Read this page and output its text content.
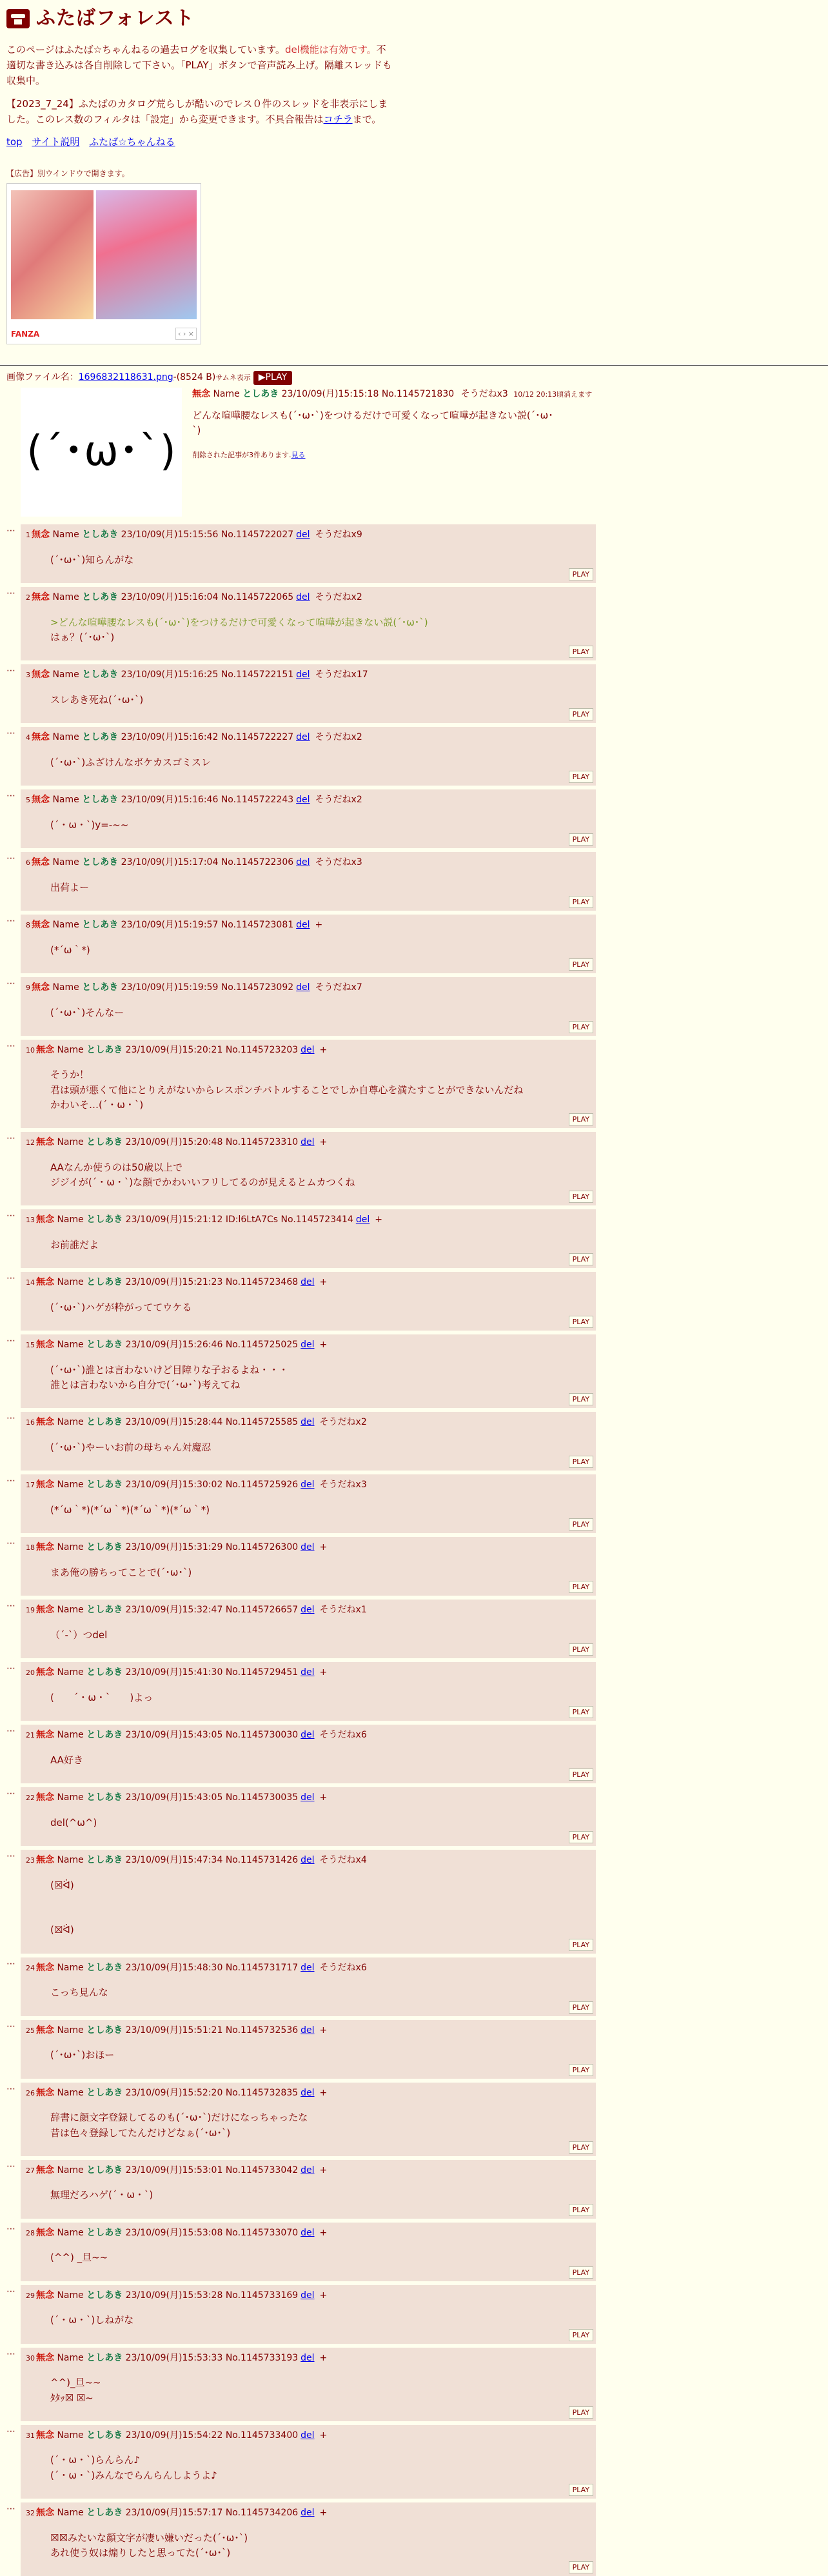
ふたばフォレスト
このページはふたば☆ちゃんねるの過去ログを収集しています。del機能は有効です。不適切な書き込みは各自削除して下さい。「PLAY」ボタンで音声読み上げ。隔離スレッドも収集中。
【2023_7_24】ふたばのカタログ荒らしが酷いのでレス０件のスレッドを非表示にしました。このレス数のフィルタは「設定」から変更できます。不具合報告はコチラまで。
top サイト説明 ふたば☆ちゃんねる
【広告】別ウインドウで開きます。
FANZA	‹ › ×
画像ファイル名：1696832118631.png-(8524 B)サムネ表示 ▶PLAY
(´･ω･`)
無念 Name としあき 23/10/09(月)15:15:18 No.1145721830 そうだねx3 10/12 20:13頃消えます
どんな喧嘩腰なレスも(´･ω･`)をつけるだけで可愛くなって喧嘩が起きない説(´･ω･`)
削除された記事が3件あります.見る
⋯	1 無念 Name としあき 23/10/09(月)15:15:56 No.1145722027 del そうだねx9
(´･ω･`)知らんがな
PLAY
⋯	2 無念 Name としあき 23/10/09(月)15:16:04 No.1145722065 del そうだねx2
>どんな喧嘩腰なレスも(´･ω･`)をつけるだけで可愛くなって喧嘩が起きない説(´･ω･`)
はぁ？(´･ω･`)
PLAY
⋯	3 無念 Name としあき 23/10/09(月)15:16:25 No.1145722151 del そうだねx17
スレあき死ね(´･ω･`)
PLAY
⋯	4 無念 Name としあき 23/10/09(月)15:16:42 No.1145722227 del そうだねx2
(´･ω･`)ふざけんなボケカスゴミスレ
PLAY
⋯	5 無念 Name としあき 23/10/09(月)15:16:46 No.1145722243 del そうだねx2
(´・ω・`)y=-~~
PLAY
⋯	6 無念 Name としあき 23/10/09(月)15:17:04 No.1145722306 del そうだねx3
出荷よー
PLAY
⋯	8 無念 Name としあき 23/10/09(月)15:19:57 No.1145723081 del +
(*´ω｀*)
PLAY
⋯	9 無念 Name としあき 23/10/09(月)15:19:59 No.1145723092 del そうだねx7
(´･ω･`)そんなー
PLAY
⋯	10 無念 Name としあき 23/10/09(月)15:20:21 No.1145723203 del +
そうか！
君は頭が悪くて他にとりえがないからレスポンチバトルすることでしか自尊心を満たすことができないんだね
かわいそ…(´・ω・`)
PLAY
⋯	12 無念 Name としあき 23/10/09(月)15:20:48 No.1145723310 del +
AAなんか使うのは50歳以上で
ジジイが(´・ω・`)な顔でかわいいフリしてるのが見えるとムカつくね
PLAY
⋯	13 無念 Name としあき 23/10/09(月)15:21:12 ID:l6LtA7Cs No.1145723414 del +
お前誰だよ
PLAY
⋯	14 無念 Name としあき 23/10/09(月)15:21:23 No.1145723468 del +
(´･ω･`)ハゲが粋がっててウケる
PLAY
⋯	15 無念 Name としあき 23/10/09(月)15:26:46 No.1145725025 del +
(´･ω･`)誰とは言わないけど目障りな子おるよね・・・
誰とは言わないから自分で(´･ω･`)考えてね
PLAY
⋯	16 無念 Name としあき 23/10/09(月)15:28:44 No.1145725585 del そうだねx2
(´･ω･`)やーいお前の母ちゃん対魔忍
PLAY
⋯	17 無念 Name としあき 23/10/09(月)15:30:02 No.1145725926 del そうだねx3
(*´ω｀*)(*´ω｀*)(*´ω｀*)(*´ω｀*)
PLAY
⋯	18 無念 Name としあき 23/10/09(月)15:31:29 No.1145726300 del +
まあ俺の勝ちってことで(´･ω･`)
PLAY
⋯	19 無念 Name としあき 23/10/09(月)15:32:47 No.1145726657 del そうだねx1
（´-`）つdel
PLAY
⋯	20 無念 Name としあき 23/10/09(月)15:41:30 No.1145729451 del +
(　　´・ω・`　　)よっ
PLAY
⋯	21 無念 Name としあき 23/10/09(月)15:43:05 No.1145730030 del そうだねx6
AA好き
PLAY
⋯	22 無念 Name としあき 23/10/09(月)15:43:05 No.1145730035 del +
del(^ω^)
PLAY
⋯	23 無念 Name としあき 23/10/09(月)15:47:34 No.1145731426 del そうだねx4
(☒ᐛ)

(☒ᐛ)
PLAY
⋯	24 無念 Name としあき 23/10/09(月)15:48:30 No.1145731717 del そうだねx6
こっち見んな
PLAY
⋯	25 無念 Name としあき 23/10/09(月)15:51:21 No.1145732536 del +
(´･ω･`)おほー
PLAY
⋯	26 無念 Name としあき 23/10/09(月)15:52:20 No.1145732835 del +
辞書に顔文字登録してるのも(´･ω･`)だけになっちゃったな
昔は色々登録してたんだけどなぁ(´･ω･`)
PLAY
⋯	27 無念 Name としあき 23/10/09(月)15:53:01 No.1145733042 del +
無理だろハゲ(´・ω・`)
PLAY
⋯	28 無念 Name としあき 23/10/09(月)15:53:08 No.1145733070 del +
(^^) _旦~~
PLAY
⋯	29 無念 Name としあき 23/10/09(月)15:53:28 No.1145733169 del +
(´・ω・`)しねがな
PLAY
⋯	30 無念 Name としあき 23/10/09(月)15:53:33 No.1145733193 del +
^^)_旦~~
ﾀﾀｯ☒ ☒~
PLAY
⋯	31 無念 Name としあき 23/10/09(月)15:54:22 No.1145733400 del +
(´・ω・`)らんらん♪
(´・ω・`)みんなでらんらんしようよ♪
PLAY
⋯	32 無念 Name としあき 23/10/09(月)15:57:17 No.1145734206 del +
☒☒みたいな顔文字が凄い嫌いだった(´･ω･`)
あれ使う奴は煽りしたと思ってた(´･ω･`)
PLAY
